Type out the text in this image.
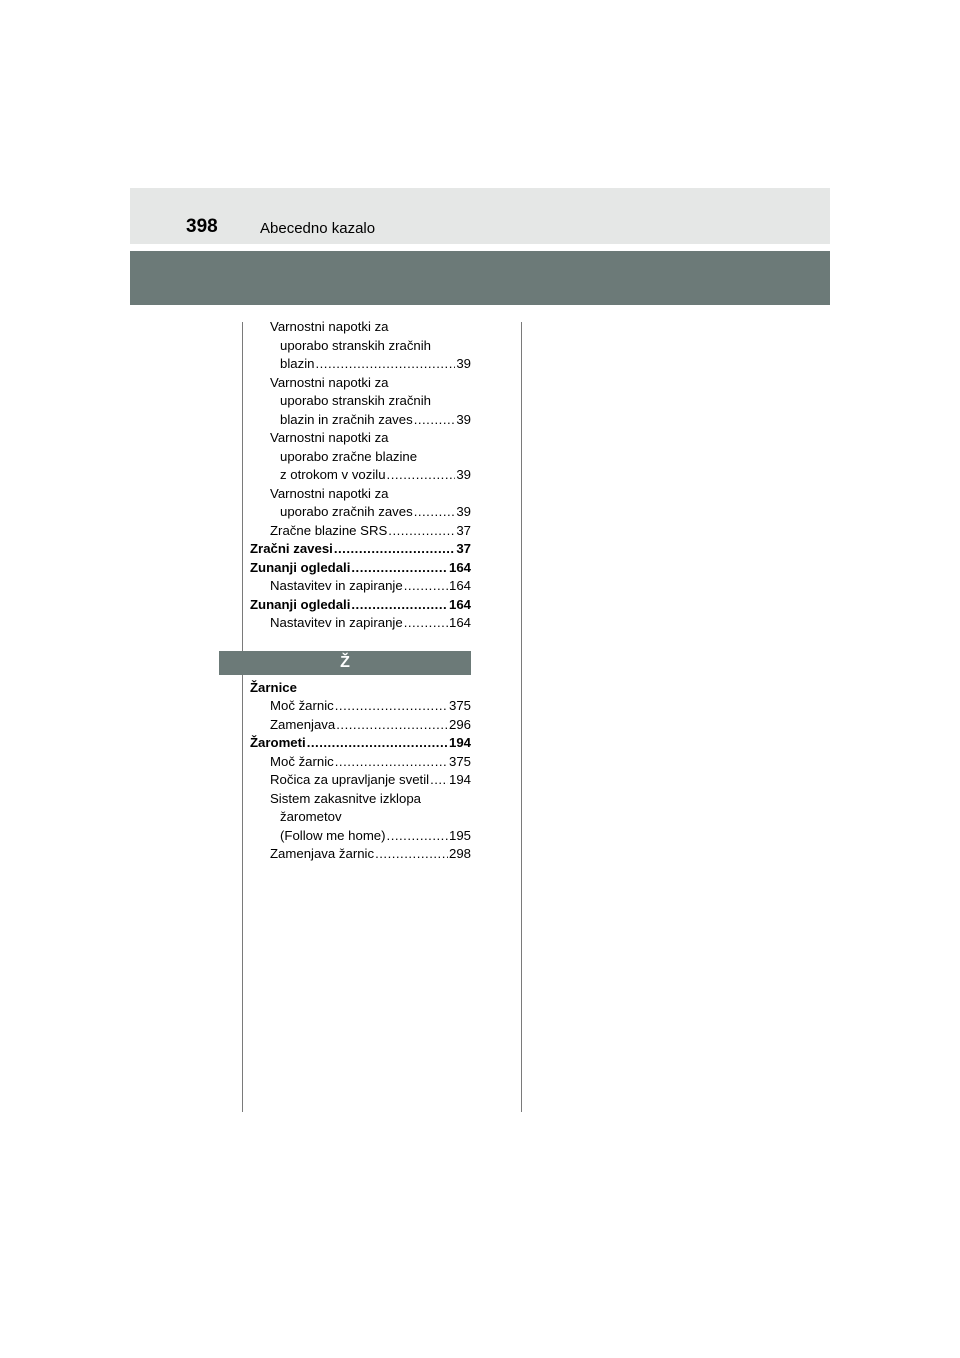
398	Abecedno kazalo
Varnostni napotki za
uporabo stranskih zračnih
blazin .....	39
Varnostni napotki za
uporabo stranskih zračnih
blazin in zračnih zaves .....	39
Varnostni napotki za
uporabo zračne blazine
z otrokom v vozilu .....	39
Varnostni napotki za
uporabo zračnih zaves .....	39
Zračne blazine SRS .....	37
Zračni zavesi .....	37
Zunanji ogledali .....	164
Nastavitev in zapiranje .....	164
Zunanji ogledali .....	164
Nastavitev in zapiranje .....	164
Ž
Žarnice
Moč žarnic .....	375
Zamenjava .....	296
Žarometi .....	194
Moč žarnic .....	375
Ročica za upravljanje svetil ..... 194
Sistem zakasnitve izklopa
žarometov
(Follow me home) .....	195
Zamenjava žarnic .....	298
